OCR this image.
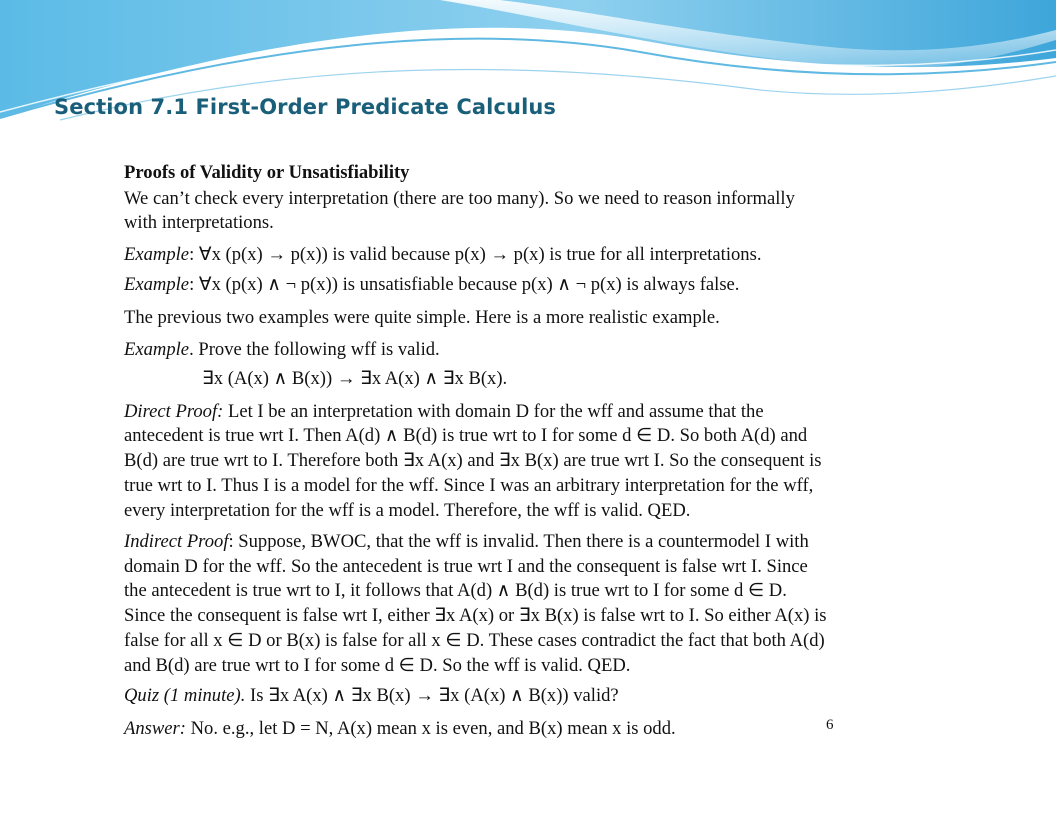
Section 7.1 First-Order Predicate Calculus

Proofs of Validity or Unsatisfiability

We can’t check every interpretation (there are too many). So we need to reason informally

with interpretations.

Example: ∀x (p(x) → p(x)) is valid because p(x) → p(x) is true for all interpretations.

Example: ∀x (p(x) ∧ ¬ p(x)) is unsatisfiable because p(x) ∧ ¬ p(x) is always false.

The previous two examples were quite simple. Here is a more realistic example.

Example. Prove the following wff is valid.

∃x (A(x) ∧ B(x)) → ∃x A(x) ∧ ∃x B(x).

Direct Proof: Let I be an interpretation with domain D for the wff and assume that the

antecedent is true wrt I. Then A(d) ∧ B(d) is true wrt to I for some d ∈ D. So both A(d) and

B(d) are true wrt to I. Therefore both ∃x A(x) and ∃x B(x) are true wrt I. So the consequent is

true wrt to I. Thus I is a model for the wff. Since I was an arbitrary interpretation for the wff,

every interpretation for the wff is a model. Therefore, the wff is valid. QED.

Indirect Proof: Suppose, BWOC, that the wff is invalid. Then there is a countermodel I with

domain D for the wff. So the antecedent is true wrt I and the consequent is false wrt I. Since

the antecedent is true wrt to I, it follows that A(d) ∧ B(d) is true wrt to I for some d ∈ D.

Since the consequent is false wrt I, either ∃x A(x) or ∃x B(x) is false wrt to I. So either A(x) is

false for all x ∈ D or B(x) is false for all x ∈ D. These cases contradict the fact that both A(d)

and B(d) are true wrt to I for some d ∈ D. So the wff is valid. QED.

Quiz (1 minute). Is ∃x A(x) ∧ ∃x B(x) → ∃x (A(x) ∧ B(x)) valid?

Answer: No. e.g., let D = N, A(x) mean x is even, and B(x) mean x is odd.	6
